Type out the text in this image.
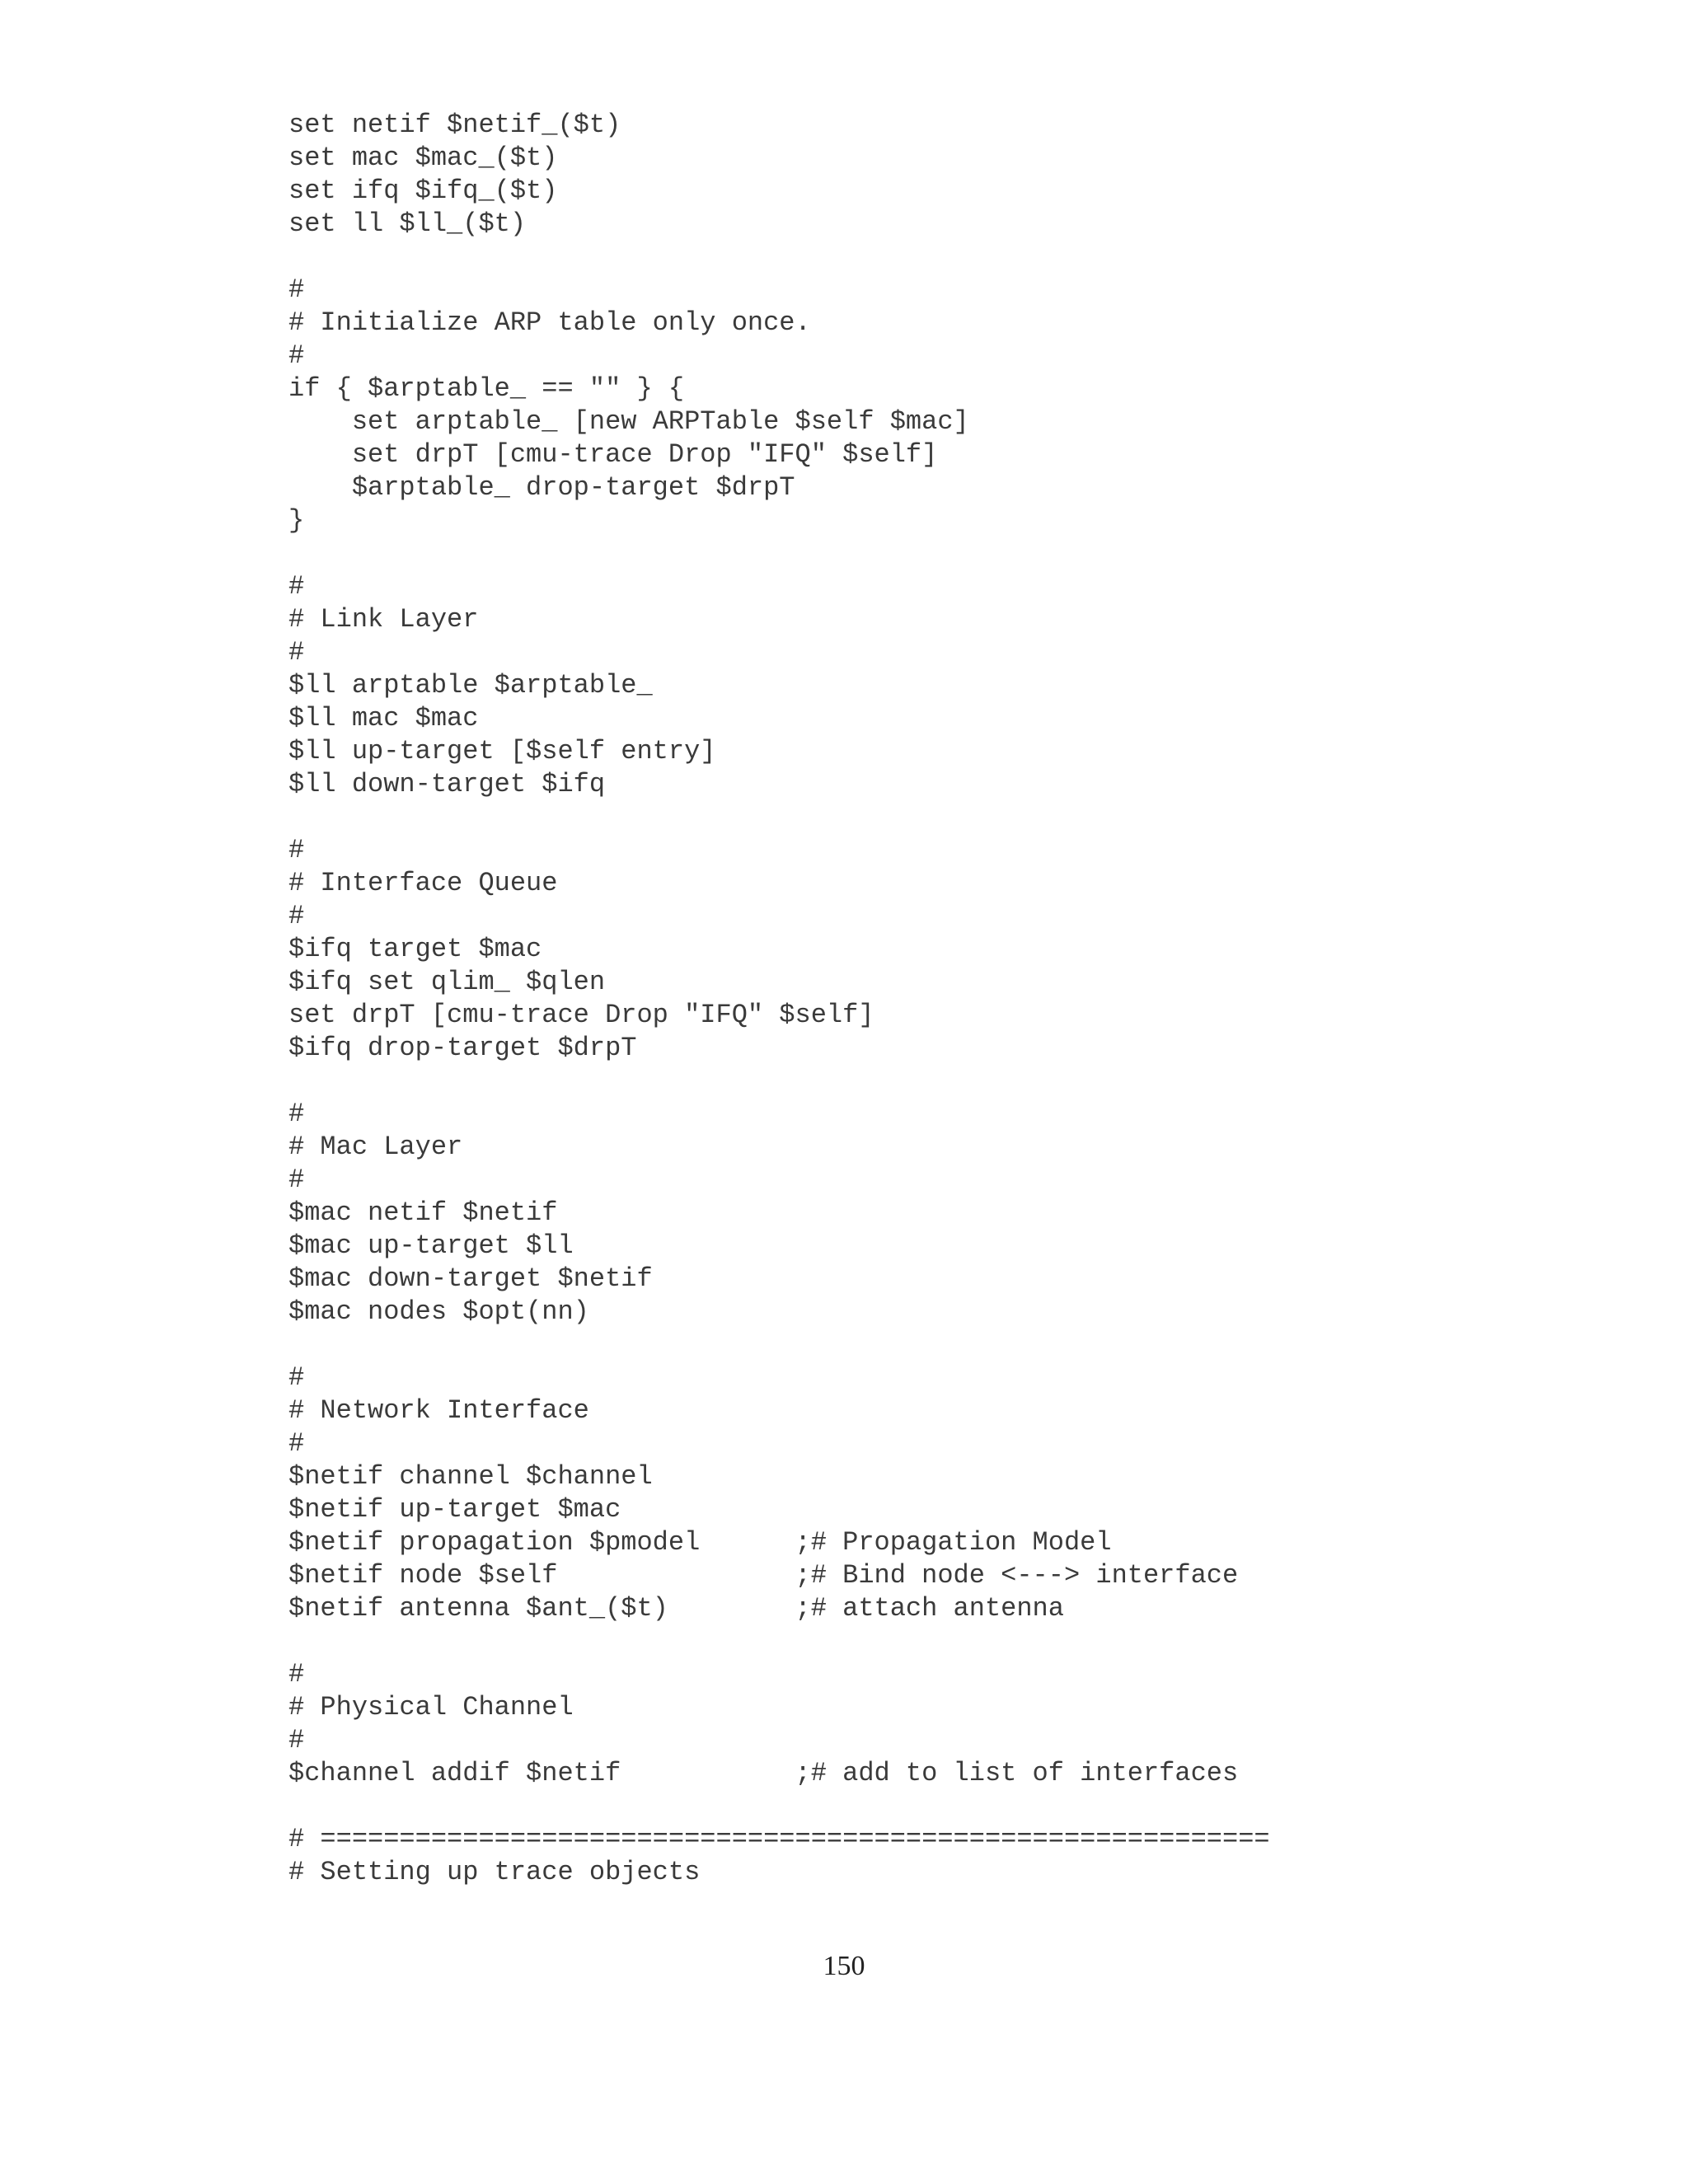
set netif $netif_($t)
set mac $mac_($t)
set ifq $ifq_($t)
set ll $ll_($t)
#
# Initialize ARP table only once.
#
if { $arptable_ == "" } {
set arptable_ [new ARPTable $self $mac]
set drpT [cmu-trace Drop "IFQ" $self]
$arptable_ drop-target $drpT
}
#
# Link Layer
#
$ll arptable $arptable_
$ll mac $mac
$ll up-target [$self entry]
$ll down-target $ifq
#
# Interface Queue
#
$ifq target $mac
$ifq set qlim_ $qlen
set drpT [cmu-trace Drop "IFQ" $self]
$ifq drop-target $drpT
#
# Mac Layer
#
$mac netif $netif
$mac up-target $ll
$mac down-target $netif
$mac nodes $opt(nn)
#
# Network Interface
#
$netif channel $channel
$netif up-target $mac
$netif propagation $pmodel      ;# Propagation Model
$netif node $self               ;# Bind node <---> interface
$netif antenna $ant_($t)        ;# attach antenna
#
# Physical Channel
#
$channel addif $netif           ;# add to list of interfaces
# ============================================================
# Setting up trace objects
150
